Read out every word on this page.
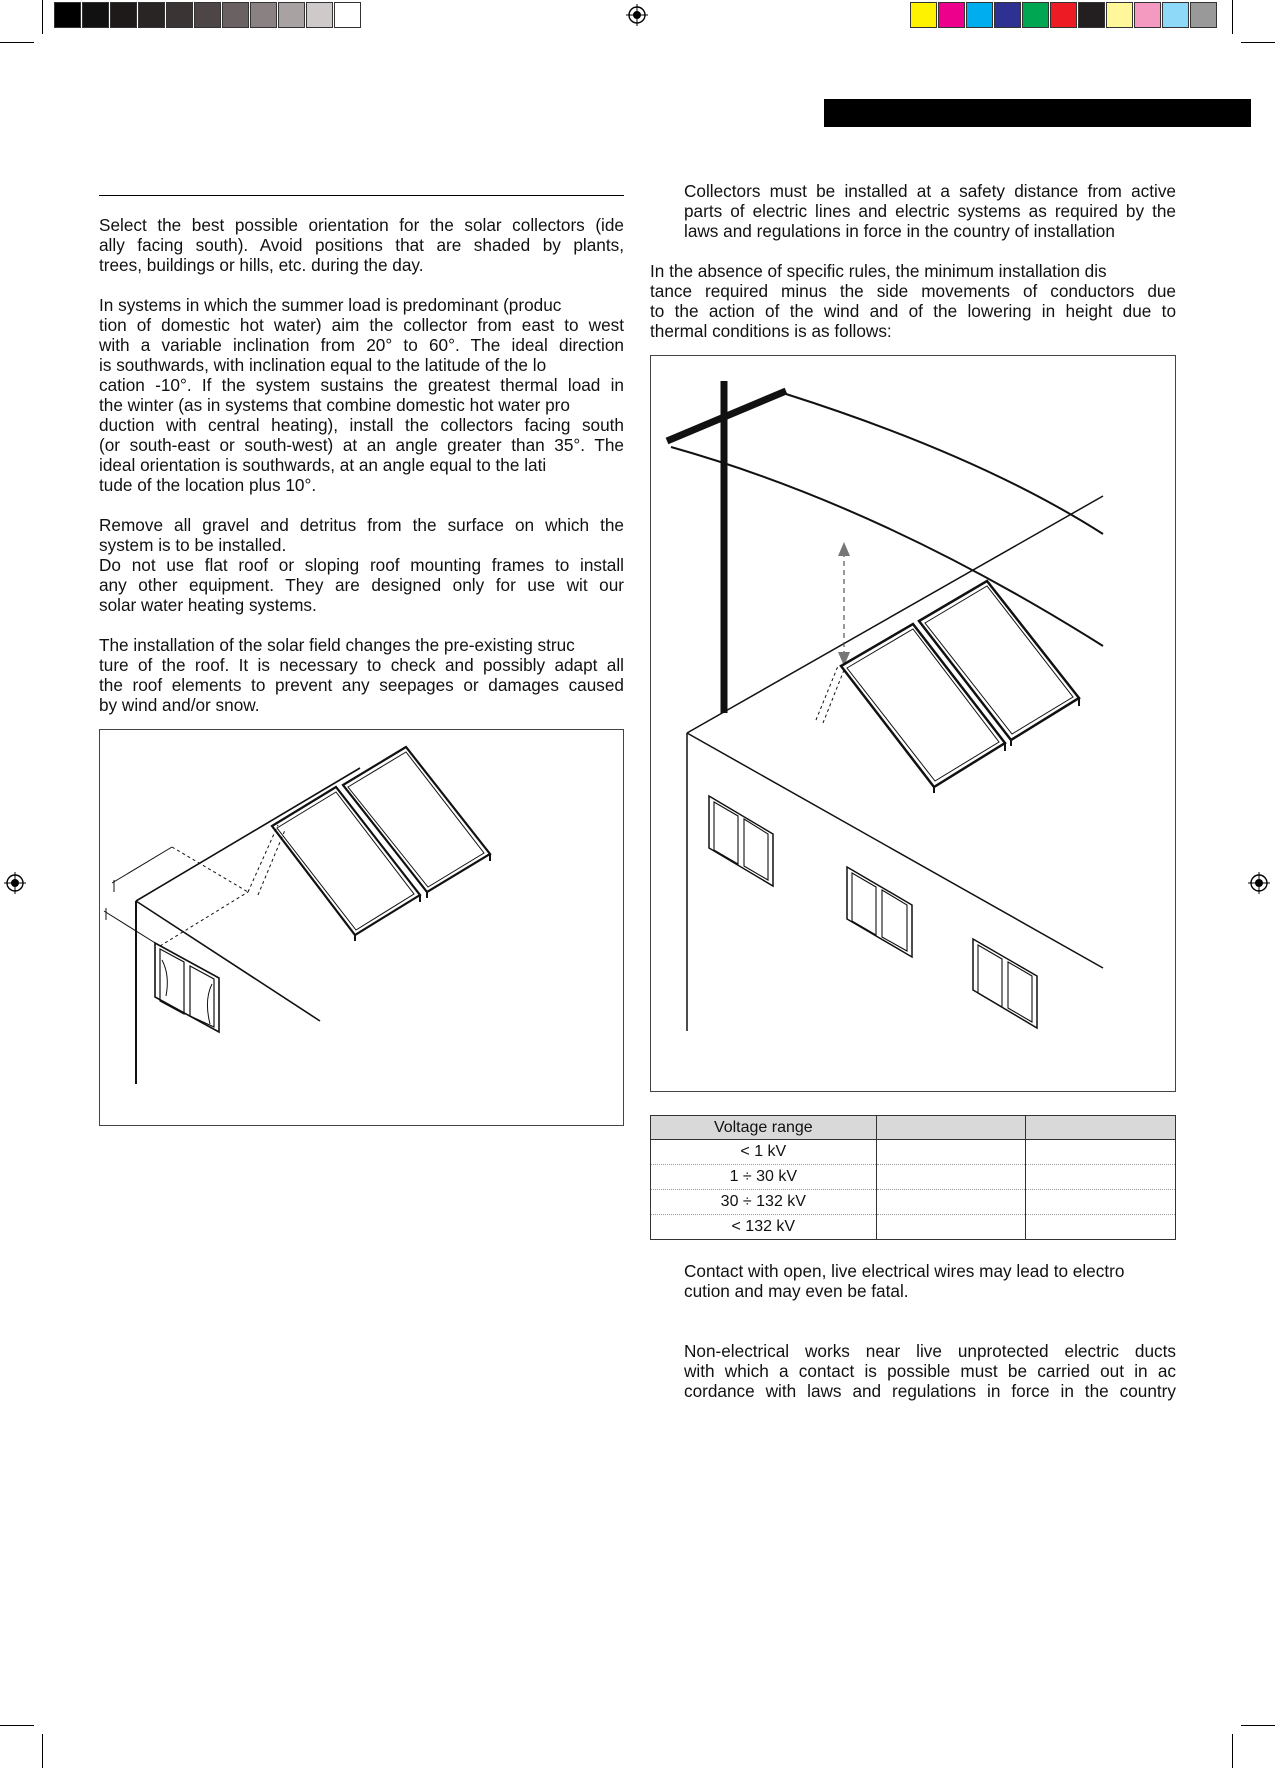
Select the best possible orientation for the solar collectors (ide
ally facing south). Avoid positions that are shaded by plants,
trees, buildings or hills, etc. during the day.
In systems in which the summer load is predominant (produc
tion of domestic hot water) aim the collector from east to west
with a variable inclination from 20° to 60°. The ideal direction
is southwards, with inclination equal to the latitude of the lo
cation -10°. If the system sustains the greatest thermal load in
the winter (as in systems that combine domestic hot water pro
duction with central heating), install the collectors facing south
(or south-east or south-west) at an angle greater than 35°. The
ideal orientation is southwards, at an angle equal to the lati
tude of the location plus 10°.
Remove all gravel and detritus from the surface on which the
system is to be installed.
Do not use flat roof or sloping roof mounting frames to install
any other equipment. They are designed only for use wit our
solar water heating systems.
The installation of the solar field changes the pre-existing struc
ture of the roof. It is necessary to check and possibly adapt all
the roof elements to prevent any seepages or damages caused
by wind and/or snow.
Collectors must be installed at a safety distance from active
parts of electric lines and electric systems as required by the
laws and regulations in force in the country of installation
In the absence of specific rules, the minimum installation dis
tance required minus the side movements of conductors due
to the action of the wind and of the lowering in height due to
thermal conditions is as follows:
Voltage range		
< 1 kV		
1 ÷ 30 kV		
30 ÷ 132 kV		
< 132 kV		
Contact with open, live electrical wires may lead to electro
cution and may even be fatal.
Non-electrical works near live unprotected electric ducts
with which a contact is possible must be carried out in ac
cordance with laws and regulations in force in the country
